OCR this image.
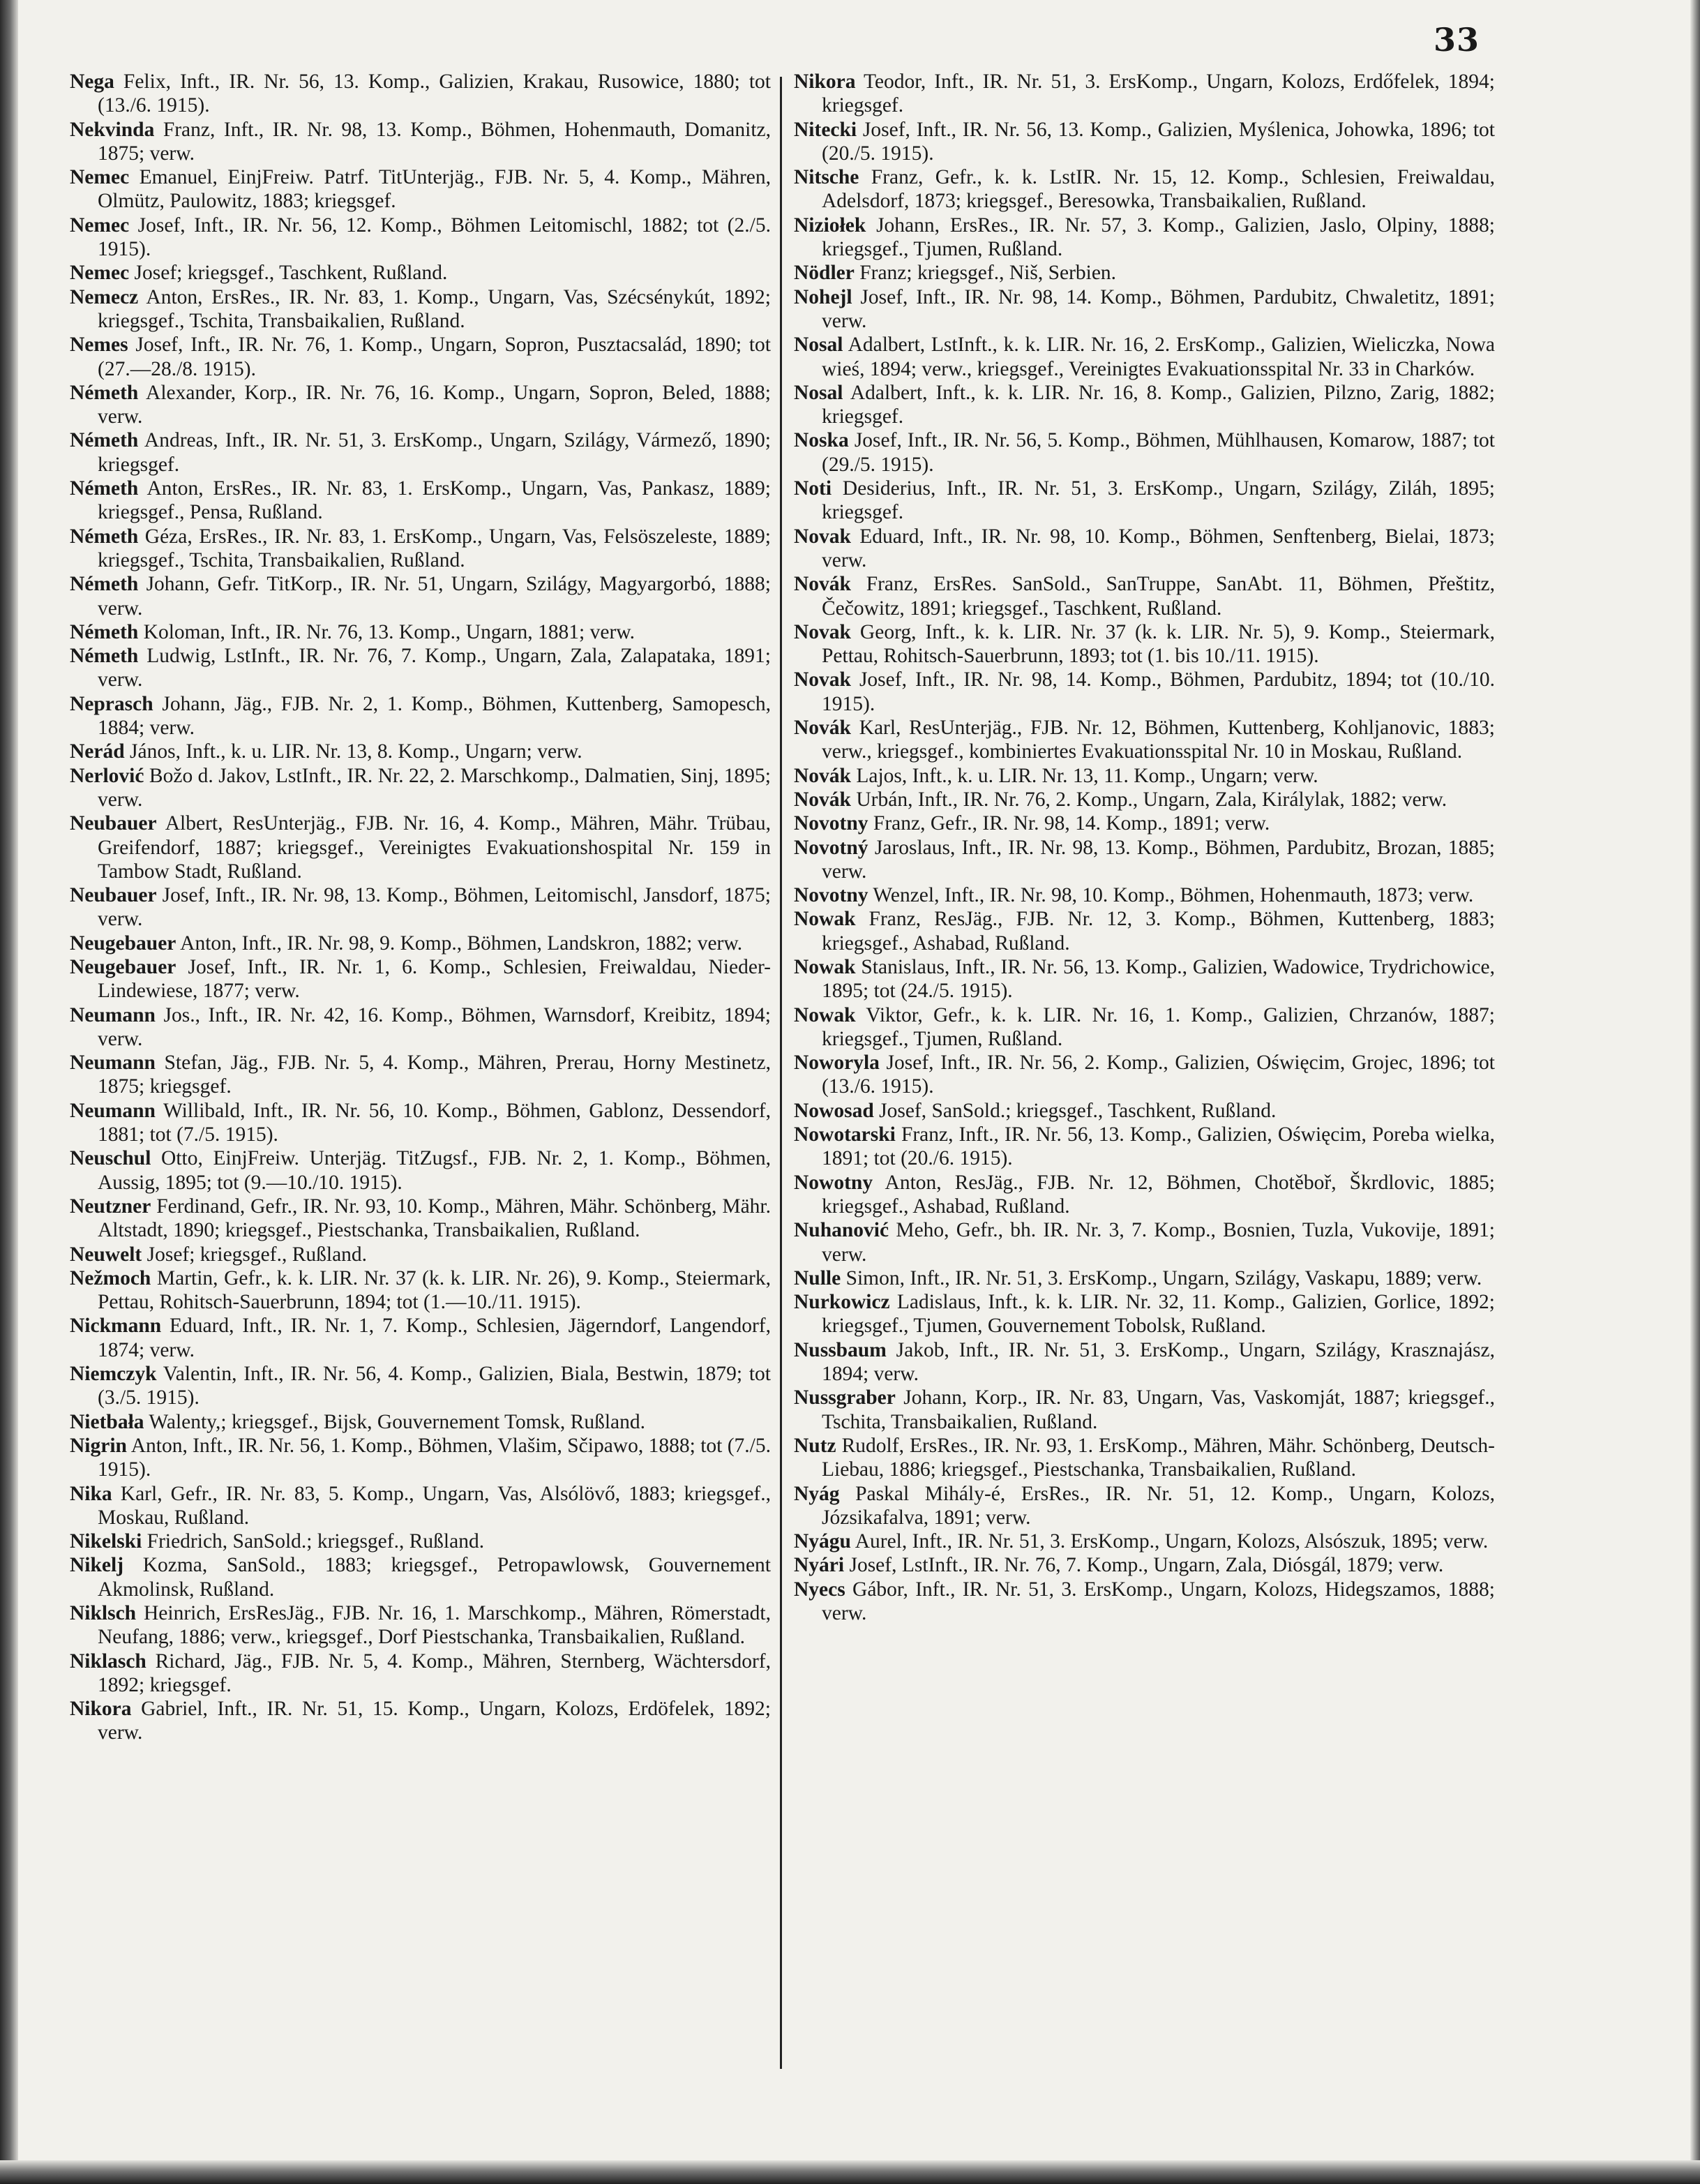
33

Nega Felix, Inft., IR. Nr. 56, 13. Komp., Galizien, Krakau, Rusowice, 1880; tot (13./6. 1915).

Nekvinda Franz, Inft., IR. Nr. 98, 13. Komp., Böhmen, Hohenmauth, Domanitz, 1875; verw.

Nemec Emanuel, EinjFreiw. Patrf. TitUnterjäg., FJB. Nr. 5, 4. Komp., Mähren, Olmütz, Paulowitz, 1883; kriegsgef.

Nemec Josef, Inft., IR. Nr. 56, 12. Komp., Böhmen Leitomischl, 1882; tot (2./5. 1915).

Nemec Josef; kriegsgef., Taschkent, Rußland.

Nemecz Anton, ErsRes., IR. Nr. 83, 1. Komp., Ungarn, Vas, Szécsénykút, 1892; kriegsgef., Tschita, Transbaikalien, Rußland.

Nemes Josef, Inft., IR. Nr. 76, 1. Komp., Ungarn, Sopron, Pusztacsalád, 1890; tot (27.—28./8. 1915).

Németh Alexander, Korp., IR. Nr. 76, 16. Komp., Ungarn, Sopron, Beled, 1888; verw.

Németh Andreas, Inft., IR. Nr. 51, 3. ErsKomp., Ungarn, Szilágy, Vármező, 1890; kriegsgef.

Németh Anton, ErsRes., IR. Nr. 83, 1. ErsKomp., Ungarn, Vas, Pankasz, 1889; kriegsgef., Pensa, Rußland.

Németh Géza, ErsRes., IR. Nr. 83, 1. ErsKomp., Ungarn, Vas, Felsöszeleste, 1889; kriegsgef., Tschita, Transbaikalien, Rußland.

Németh Johann, Gefr. TitKorp., IR. Nr. 51, Ungarn, Szilágy, Magyargorbó, 1888; verw.

Németh Koloman, Inft., IR. Nr. 76, 13. Komp., Ungarn, 1881; verw.

Németh Ludwig, LstInft., IR. Nr. 76, 7. Komp., Ungarn, Zala, Zalapataka, 1891; verw.

Neprasch Johann, Jäg., FJB. Nr. 2, 1. Komp., Böhmen, Kuttenberg, Samopesch, 1884; verw.

Nerád János, Inft., k. u. LIR. Nr. 13, 8. Komp., Ungarn; verw.

Nerlović Božo d. Jakov, LstInft., IR. Nr. 22, 2. Marschkomp., Dalmatien, Sinj, 1895; verw.

Neubauer Albert, ResUnterjäg., FJB. Nr. 16, 4. Komp., Mähren, Mähr. Trübau, Greifendorf, 1887; kriegsgef., Vereinigtes Evakuationshospital Nr. 159 in Tambow Stadt, Rußland.

Neubauer Josef, Inft., IR. Nr. 98, 13. Komp., Böhmen, Leitomischl, Jansdorf, 1875; verw.

Neugebauer Anton, Inft., IR. Nr. 98, 9. Komp., Böhmen, Landskron, 1882; verw.

Neugebauer Josef, Inft., IR. Nr. 1, 6. Komp., Schlesien, Freiwaldau, Nieder-Lindewiese, 1877; verw.

Neumann Jos., Inft., IR. Nr. 42, 16. Komp., Böhmen, Warnsdorf, Kreibitz, 1894; verw.

Neumann Stefan, Jäg., FJB. Nr. 5, 4. Komp., Mähren, Prerau, Horny Mestinetz, 1875; kriegsgef.

Neumann Willibald, Inft., IR. Nr. 56, 10. Komp., Böhmen, Gablonz, Dessendorf, 1881; tot (7./5. 1915).

Neuschul Otto, EinjFreiw. Unterjäg. TitZugsf., FJB. Nr. 2, 1. Komp., Böhmen, Aussig, 1895; tot (9.—10./10. 1915).

Neutzner Ferdinand, Gefr., IR. Nr. 93, 10. Komp., Mähren, Mähr. Schönberg, Mähr. Altstadt, 1890; kriegsgef., Piestschanka, Transbaikalien, Rußland.

Neuwelt Josef; kriegsgef., Rußland.

Nežmoch Martin, Gefr., k. k. LIR. Nr. 37 (k. k. LIR. Nr. 26), 9. Komp., Steiermark, Pettau, Rohitsch-Sauerbrunn, 1894; tot (1.—10./11. 1915).

Nickmann Eduard, Inft., IR. Nr. 1, 7. Komp., Schlesien, Jägerndorf, Langendorf, 1874; verw.

Niemczyk Valentin, Inft., IR. Nr. 56, 4. Komp., Galizien, Biala, Bestwin, 1879; tot (3./5. 1915).

Nietbała Walenty,; kriegsgef., Bijsk, Gouvernement Tomsk, Rußland.

Nigrin Anton, Inft., IR. Nr. 56, 1. Komp., Böhmen, Vlašim, Sčipawo, 1888; tot (7./5. 1915).

Nika Karl, Gefr., IR. Nr. 83, 5. Komp., Ungarn, Vas, Alsólövő, 1883; kriegsgef., Moskau, Rußland.

Nikelski Friedrich, SanSold.; kriegsgef., Rußland.

Nikelj Kozma, SanSold., 1883; kriegsgef., Petropawlowsk, Gouvernement Akmolinsk, Rußland.

Niklsch Heinrich, ErsResJäg., FJB. Nr. 16, 1. Marschkomp., Mähren, Römerstadt, Neufang, 1886; verw., kriegsgef., Dorf Piestschanka, Transbaikalien, Rußland.

Niklasch Richard, Jäg., FJB. Nr. 5, 4. Komp., Mähren, Sternberg, Wächtersdorf, 1892; kriegsgef.

Nikora Gabriel, Inft., IR. Nr. 51, 15. Komp., Ungarn, Kolozs, Erdöfelek, 1892; verw.

Nikora Teodor, Inft., IR. Nr. 51, 3. ErsKomp., Ungarn, Kolozs, Erdőfelek, 1894; kriegsgef.

Nitecki Josef, Inft., IR. Nr. 56, 13. Komp., Galizien, Myślenica, Johowka, 1896; tot (20./5. 1915).

Nitsche Franz, Gefr., k. k. LstIR. Nr. 15, 12. Komp., Schlesien, Freiwaldau, Adelsdorf, 1873; kriegsgef., Beresowka, Transbaikalien, Rußland.

Niziołek Johann, ErsRes., IR. Nr. 57, 3. Komp., Galizien, Jaslo, Olpiny, 1888; kriegsgef., Tjumen, Rußland.

Nödler Franz; kriegsgef., Niš, Serbien.

Nohejl Josef, Inft., IR. Nr. 98, 14. Komp., Böhmen, Pardubitz, Chwaletitz, 1891; verw.

Nosal Adalbert, LstInft., k. k. LIR. Nr. 16, 2. ErsKomp., Galizien, Wieliczka, Nowa wieś, 1894; verw., kriegsgef., Vereinigtes Evakuationsspital Nr. 33 in Charków.

Nosal Adalbert, Inft., k. k. LIR. Nr. 16, 8. Komp., Galizien, Pilzno, Zarig, 1882; kriegsgef.

Noska Josef, Inft., IR. Nr. 56, 5. Komp., Böhmen, Mühlhausen, Komarow, 1887; tot (29./5. 1915).

Noti Desiderius, Inft., IR. Nr. 51, 3. ErsKomp., Ungarn, Szilágy, Ziláh, 1895; kriegsgef.

Novak Eduard, Inft., IR. Nr. 98, 10. Komp., Böhmen, Senftenberg, Bielai, 1873; verw.

Novák Franz, ErsRes. SanSold., SanTruppe, SanAbt. 11, Böhmen, Přeštitz, Čečowitz, 1891; kriegsgef., Taschkent, Rußland.

Novak Georg, Inft., k. k. LIR. Nr. 37 (k. k. LIR. Nr. 5), 9. Komp., Steiermark, Pettau, Rohitsch-Sauerbrunn, 1893; tot (1. bis 10./11. 1915).

Novak Josef, Inft., IR. Nr. 98, 14. Komp., Böhmen, Pardubitz, 1894; tot (10./10. 1915).

Novák Karl, ResUnterjäg., FJB. Nr. 12, Böhmen, Kuttenberg, Kohljanovic, 1883; verw., kriegsgef., kombiniertes Evakuationsspital Nr. 10 in Moskau, Rußland.

Novák Lajos, Inft., k. u. LIR. Nr. 13, 11. Komp., Ungarn; verw.

Novák Urbán, Inft., IR. Nr. 76, 2. Komp., Ungarn, Zala, Királylak, 1882; verw.

Novotny Franz, Gefr., IR. Nr. 98, 14. Komp., 1891; verw.

Novotný Jaroslaus, Inft., IR. Nr. 98, 13. Komp., Böhmen, Pardubitz, Brozan, 1885; verw.

Novotny Wenzel, Inft., IR. Nr. 98, 10. Komp., Böhmen, Hohenmauth, 1873; verw.

Nowak Franz, ResJäg., FJB. Nr. 12, 3. Komp., Böhmen, Kuttenberg, 1883; kriegsgef., Ashabad, Rußland.

Nowak Stanislaus, Inft., IR. Nr. 56, 13. Komp., Galizien, Wadowice, Trydrichowice, 1895; tot (24./5. 1915).

Nowak Viktor, Gefr., k. k. LIR. Nr. 16, 1. Komp., Galizien, Chrzanów, 1887; kriegsgef., Tjumen, Rußland.

Noworyla Josef, Inft., IR. Nr. 56, 2. Komp., Galizien, Oświęcim, Grojec, 1896; tot (13./6. 1915).

Nowosad Josef, SanSold.; kriegsgef., Taschkent, Rußland.

Nowotarski Franz, Inft., IR. Nr. 56, 13. Komp., Galizien, Oświęcim, Poreba wielka, 1891; tot (20./6. 1915).

Nowotny Anton, ResJäg., FJB. Nr. 12, Böhmen, Chotěboř, Škrdlovic, 1885; kriegsgef., Ashabad, Rußland.

Nuhanović Meho, Gefr., bh. IR. Nr. 3, 7. Komp., Bosnien, Tuzla, Vukovije, 1891; verw.

Nulle Simon, Inft., IR. Nr. 51, 3. ErsKomp., Ungarn, Szilágy, Vaskapu, 1889; verw.

Nurkowicz Ladislaus, Inft., k. k. LIR. Nr. 32, 11. Komp., Galizien, Gorlice, 1892; kriegsgef., Tjumen, Gouvernement Tobolsk, Rußland.

Nussbaum Jakob, Inft., IR. Nr. 51, 3. ErsKomp., Ungarn, Szilágy, Krasznajász, 1894; verw.

Nussgraber Johann, Korp., IR. Nr. 83, Ungarn, Vas, Vaskomját, 1887; kriegsgef., Tschita, Transbaikalien, Rußland.

Nutz Rudolf, ErsRes., IR. Nr. 93, 1. ErsKomp., Mähren, Mähr. Schönberg, Deutsch-Liebau, 1886; kriegsgef., Piestschanka, Transbaikalien, Rußland.

Nyág Paskal Mihály-é, ErsRes., IR. Nr. 51, 12. Komp., Ungarn, Kolozs, Józsikafalva, 1891; verw.

Nyágu Aurel, Inft., IR. Nr. 51, 3. ErsKomp., Ungarn, Kolozs, Alsószuk, 1895; verw.

Nyári Josef, LstInft., IR. Nr. 76, 7. Komp., Ungarn, Zala, Diósgál, 1879; verw.

Nyecs Gábor, Inft., IR. Nr. 51, 3. ErsKomp., Ungarn, Kolozs, Hidegszamos, 1888; verw.
